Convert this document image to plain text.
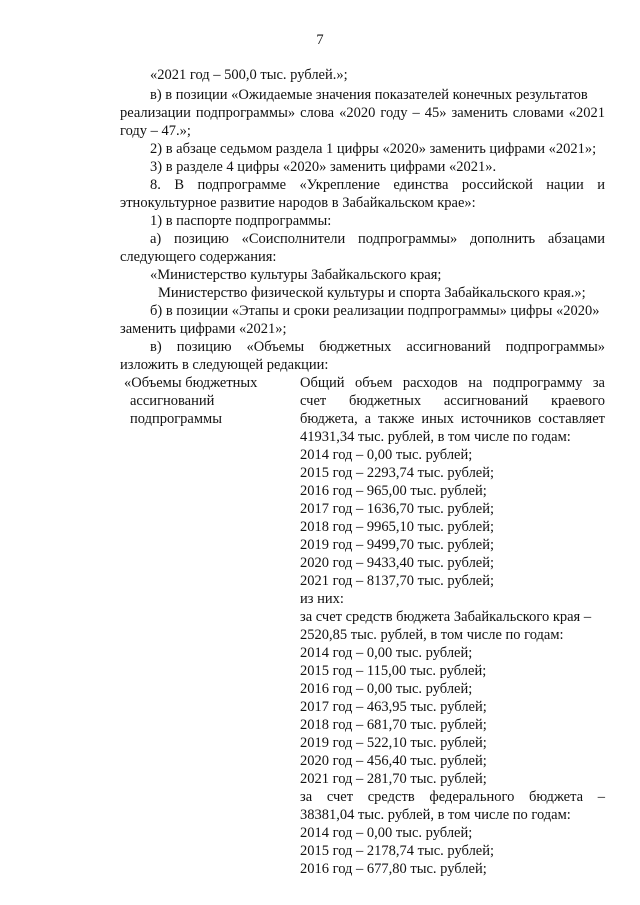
7
«2021 год – 500,0 тыс. рублей.»;
в) в позиции «Ожидаемые значения показателей конечных результатов
реализации подпрограммы» слова «2020 году – 45» заменить словами «2021
году – 47.»;
2) в абзаце седьмом раздела 1 цифры «2020» заменить цифрами «2021»;
3) в разделе 4 цифры «2020» заменить цифрами «2021».
8. В подпрограмме «Укрепление единства российской нации и
этнокультурное развитие народов в Забайкальском крае»:
1) в паспорте подпрограммы:
а) позицию «Соисполнители подпрограммы» дополнить абзацами
следующего содержания:
«Министерство культуры Забайкальского края;
Министерство физической культуры и спорта Забайкальского края.»;
б) в позиции «Этапы и сроки реализации подпрограммы» цифры «2020»
заменить цифрами «2021»;
в) позицию «Объемы бюджетных ассигнований подпрограммы»
изложить в следующей редакции:
«Объемы бюджетных
ассигнований
подпрограммы
Общий объем расходов на подпрограмму за
счет бюджетных ассигнований краевого
бюджета, а также иных источников составляет
41931,34 тыс. рублей, в том числе по годам:
2014 год – 0,00 тыс. рублей;
2015 год – 2293,74 тыс. рублей;
2016 год – 965,00 тыс. рублей;
2017 год – 1636,70 тыс. рублей;
2018 год – 9965,10 тыс. рублей;
2019 год – 9499,70 тыс. рублей;
2020 год – 9433,40 тыс. рублей;
2021 год – 8137,70 тыс. рублей;
из них:
за счет средств бюджета Забайкальского края –
2520,85 тыс. рублей, в том числе по годам:
2014 год – 0,00 тыс. рублей;
2015 год – 115,00 тыс. рублей;
2016 год – 0,00 тыс. рублей;
2017 год – 463,95 тыс. рублей;
2018 год – 681,70 тыс. рублей;
2019 год – 522,10 тыс. рублей;
2020 год – 456,40 тыс. рублей;
2021 год – 281,70 тыс. рублей;
за счет средств федерального бюджета –
38381,04 тыс. рублей, в том числе по годам:
2014 год – 0,00 тыс. рублей;
2015 год – 2178,74 тыс. рублей;
2016 год – 677,80 тыс. рублей;
